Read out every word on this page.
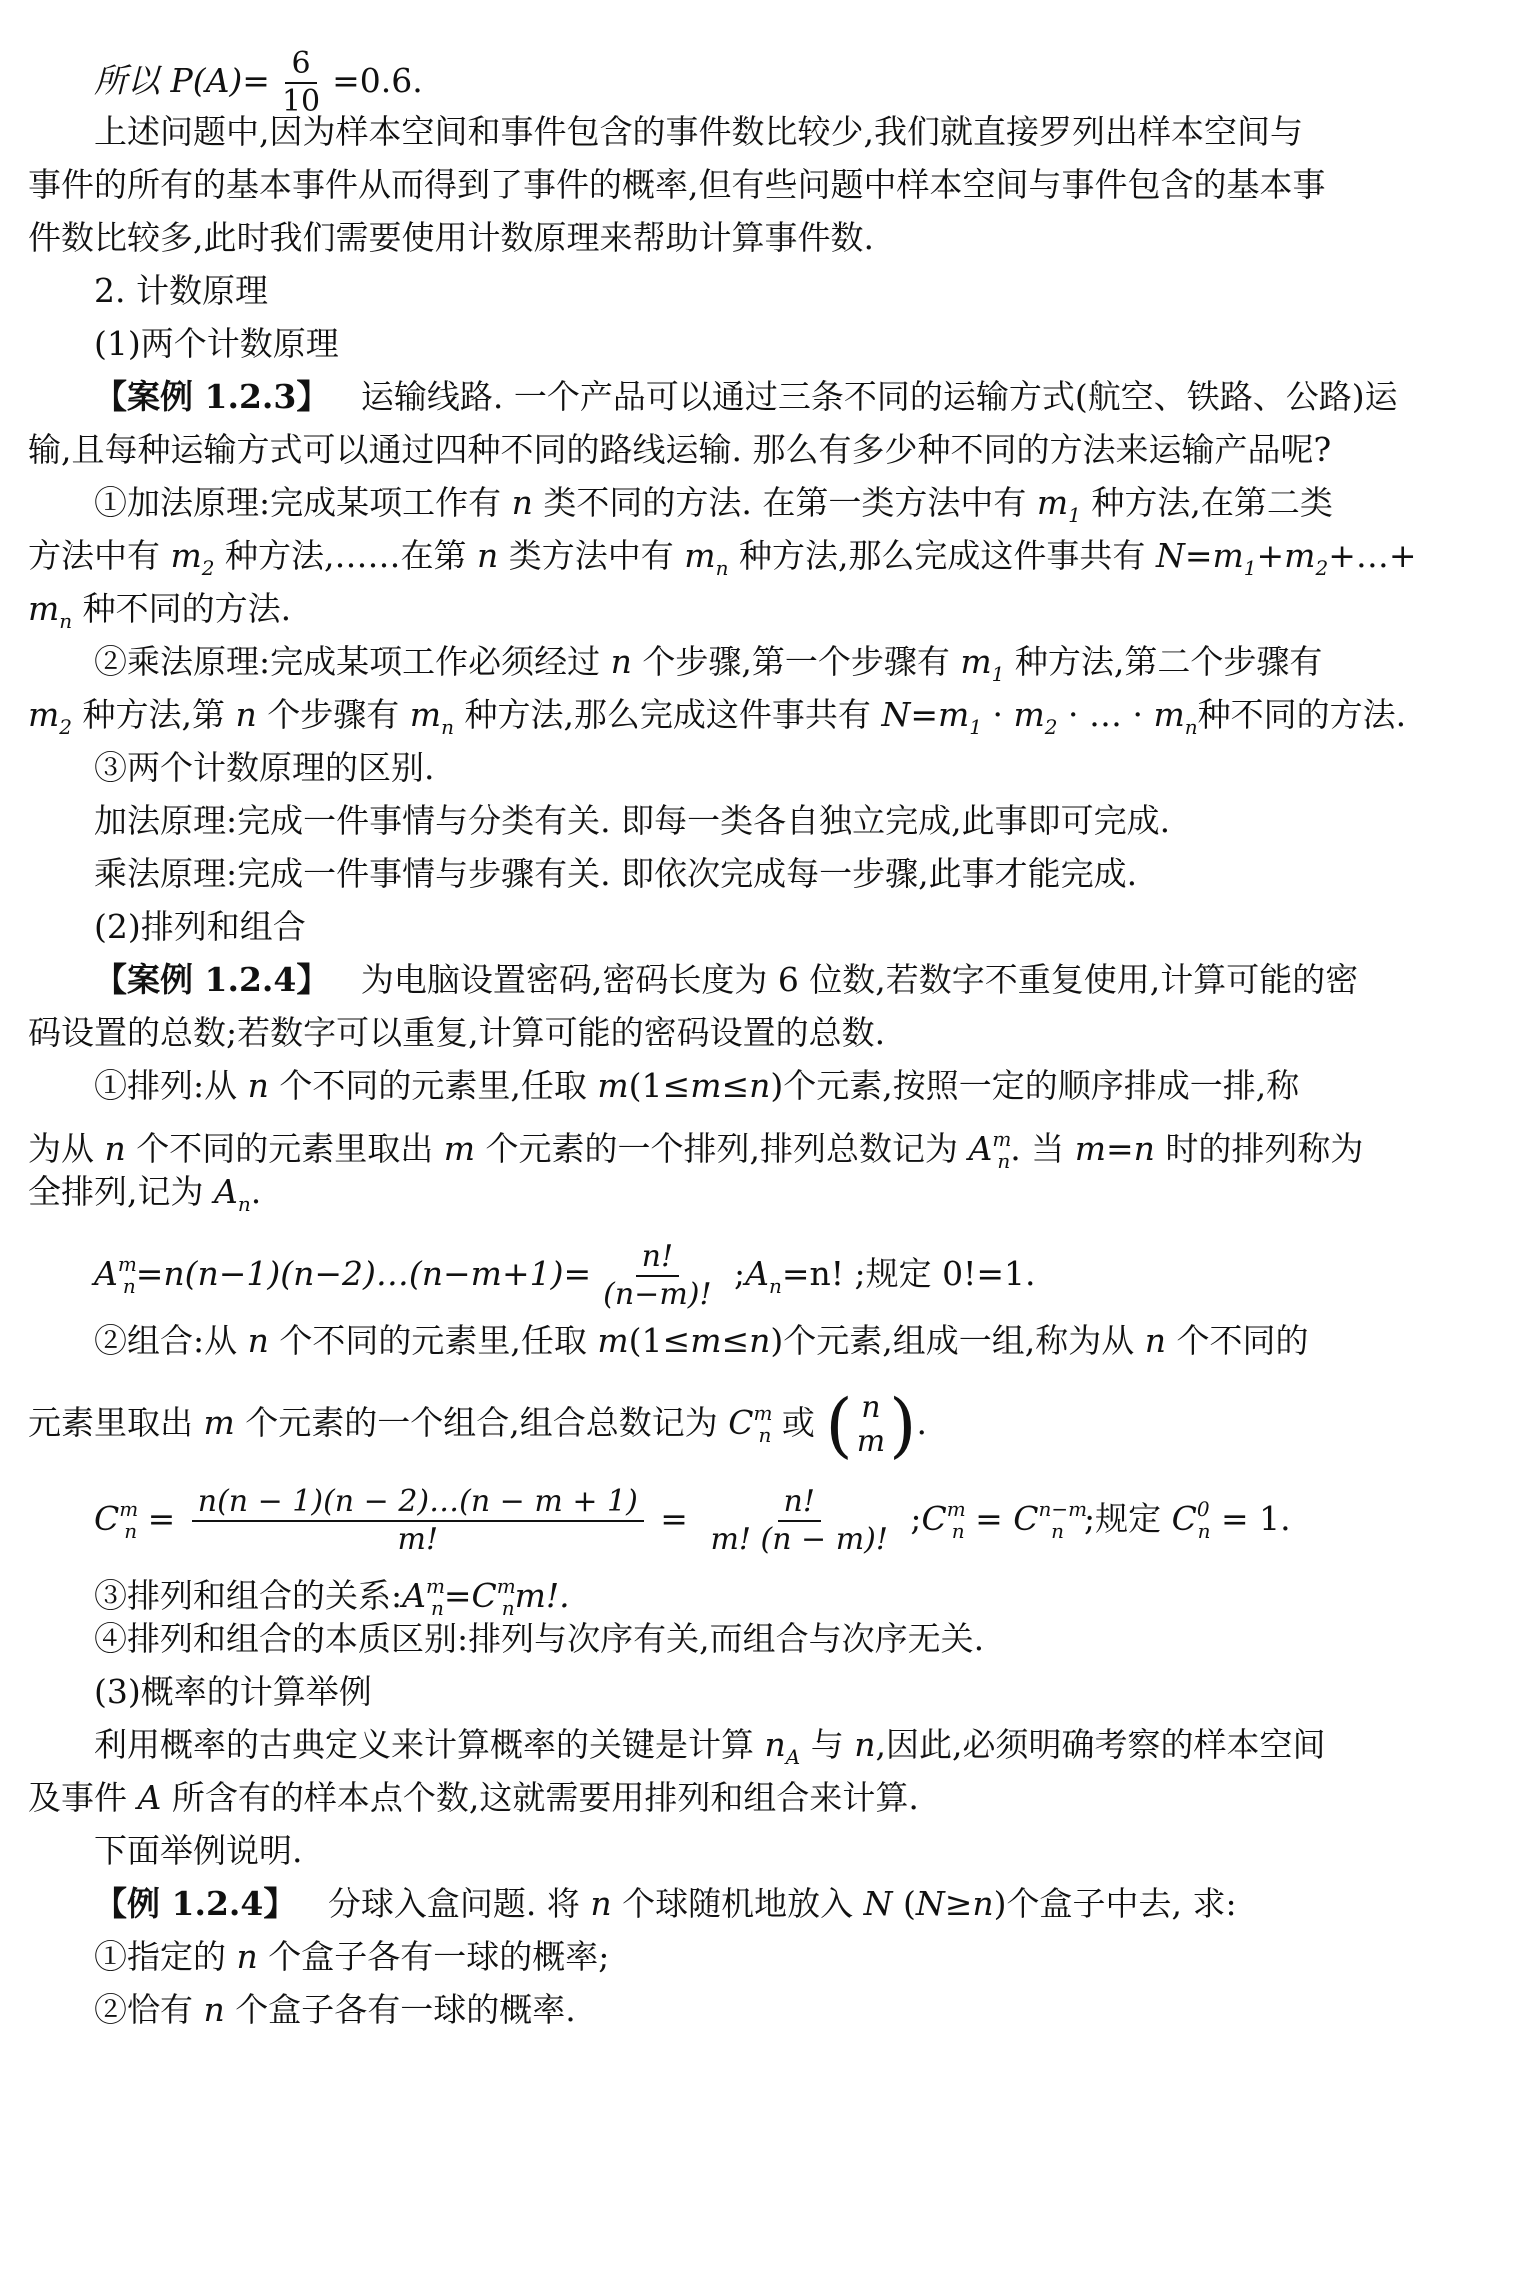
所以 $P(A)= \frac{6}{10} =0.6$.
上述问题中,因为样本空间和事件包含的事件数比较少,我们就直接罗列出样本空间与
事件的所有的基本事件从而得到了事件的概率,但有些问题中样本空间与事件包含的基本事
件数比较多,此时我们需要使用计数原理来帮助计算事件数.
2. 计数原理
(1)两个计数原理
【案例 1.2.3】 运输线路. 一个产品可以通过三条不同的运输方式(航空、铁路、公路)运
输,且每种运输方式可以通过四种不同的路线运输. 那么有多少种不同的方法来运输产品呢?
①加法原理:完成某项工作有 n 类不同的方法. 在第一类方法中有 $m_1$ 种方法,在第二类
方法中有 $m_2$ 种方法,……在第 n 类方法中有 $m_n$ 种方法,那么完成这件事共有 $N=m_1+m_2+\dots+$
$m_n$ 种不同的方法.
②乘法原理:完成某项工作必须经过 n 个步骤,第一个步骤有 $m_1$ 种方法,第二个步骤有
$m_2$ 种方法,第 n 个步骤有 $m_n$ 种方法,那么完成这件事共有 $N=m_1 \cdot m_2$ · … · $m_n$种不同的方法.
③两个计数原理的区别.
加法原理:完成一件事情与分类有关. 即每一类各自独立完成,此事即可完成.
乘法原理:完成一件事情与步骤有关. 即依次完成每一步骤,此事才能完成.
(2)排列和组合
【案例 1.2.4】 为电脑设置密码,密码长度为 6 位数,若数字不重复使用,计算可能的密
码设置的总数;若数字可以重复,计算可能的密码设置的总数.
①排列:从 n 个不同的元素里,任取 m(1≤m≤n)个元素,按照一定的顺序排成一排,称
为从 n 个不同的元素里取出 m 个元素的一个排列,排列总数记为 $A^m_n$. 当 m=n 时的排列称为
全排列,记为 $A_n$.
$A^m_n=n(n-1)(n-2)\dots(n-m+1)= \frac{n!}{(n-m)!}$ $;A_n=n$! ;规定 0!=1.
②组合:从 n 个不同的元素里,任取 m(1≤m≤n)个元素,组成一组,称为从 n 个不同的
元素里取出 m 个元素的一个组合,组合总数记为 $C^m_n$ 或 ( n
m ) .
$C^m_n = \frac{n(n - 1)(n - 2)\dots(n - m + 1)}{m!} = \frac{n!}{m! (n - m)!}$ $;C^m_n = C^{n-m}_n$ ;规定 $C^0_n = 1$.
③排列和组合的关系$:A^m_n=C^m_nm$!.
④排列和组合的本质区别:排列与次序有关,而组合与次序无关.
(3)概率的计算举例
利用概率的古典定义来计算概率的关键是计算 $n_A$ 与 n,因此,必须明确考察的样本空间
及事件 A 所含有的样本点个数,这就需要用排列和组合来计算.
下面举例说明.
【例 1.2.4】 分球入盒问题. 将 n 个球随机地放入 N (N≥n)个盒子中去, 求:
①指定的 n 个盒子各有一球的概率;
②恰有 n 个盒子各有一球的概率.
